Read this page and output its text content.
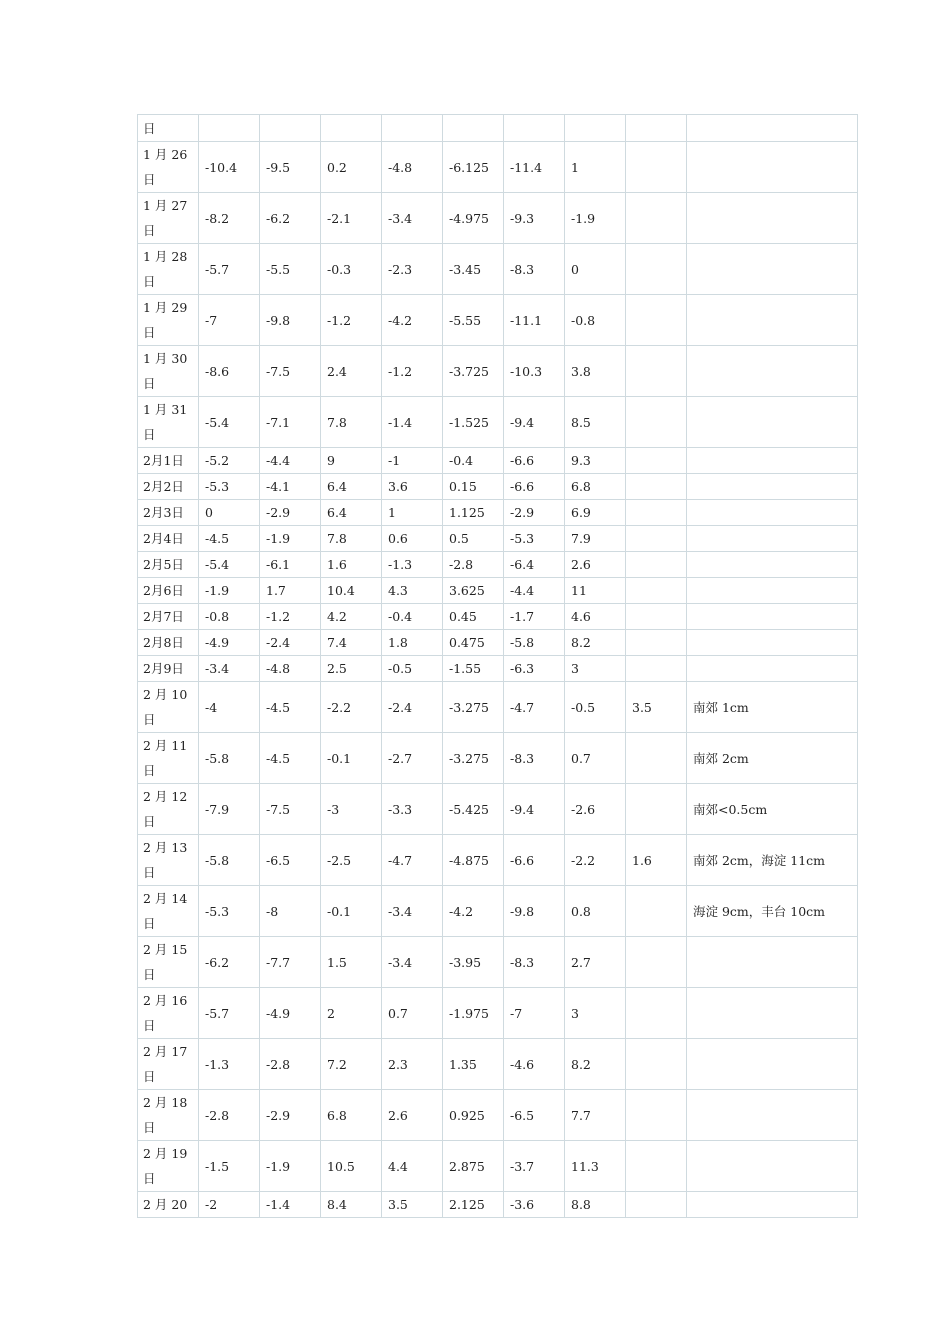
日									
1 月 26 日	-10.4	-9.5	0.2	-4.8	-6.125	-11.4	1		
1 月 27 日	-8.2	-6.2	-2.1	-3.4	-4.975	-9.3	-1.9		
1 月 28 日	-5.7	-5.5	-0.3	-2.3	-3.45	-8.3	0		
1 月 29 日	-7	-9.8	-1.2	-4.2	-5.55	-11.1	-0.8		
1 月 30 日	-8.6	-7.5	2.4	-1.2	-3.725	-10.3	3.8		
1 月 31 日	-5.4	-7.1	7.8	-1.4	-1.525	-9.4	8.5		
2月1日	-5.2	-4.4	9	-1	-0.4	-6.6	9.3		
2月2日	-5.3	-4.1	6.4	3.6	0.15	-6.6	6.8		
2月3日	0	-2.9	6.4	1	1.125	-2.9	6.9		
2月4日	-4.5	-1.9	7.8	0.6	0.5	-5.3	7.9		
2月5日	-5.4	-6.1	1.6	-1.3	-2.8	-6.4	2.6		
2月6日	-1.9	1.7	10.4	4.3	3.625	-4.4	11		
2月7日	-0.8	-1.2	4.2	-0.4	0.45	-1.7	4.6		
2月8日	-4.9	-2.4	7.4	1.8	0.475	-5.8	8.2		
2月9日	-3.4	-4.8	2.5	-0.5	-1.55	-6.3	3		
2 月 10 日	-4	-4.5	-2.2	-2.4	-3.275	-4.7	-0.5	3.5	南郊 1cm
2 月 11 日	-5.8	-4.5	-0.1	-2.7	-3.275	-8.3	0.7		南郊 2cm
2 月 12 日	-7.9	-7.5	-3	-3.3	-5.425	-9.4	-2.6		南郊<0.5cm
2 月 13 日	-5.8	-6.5	-2.5	-4.7	-4.875	-6.6	-2.2	1.6	南郊 2cm，海淀 11cm
2 月 14 日	-5.3	-8	-0.1	-3.4	-4.2	-9.8	0.8		海淀 9cm，丰台 10cm
2 月 15 日	-6.2	-7.7	1.5	-3.4	-3.95	-8.3	2.7		
2 月 16 日	-5.7	-4.9	2	0.7	-1.975	-7	3		
2 月 17 日	-1.3	-2.8	7.2	2.3	1.35	-4.6	8.2		
2 月 18 日	-2.8	-2.9	6.8	2.6	0.925	-6.5	7.7		
2 月 19 日	-1.5	-1.9	10.5	4.4	2.875	-3.7	11.3		
2 月 20	-2	-1.4	8.4	3.5	2.125	-3.6	8.8		
